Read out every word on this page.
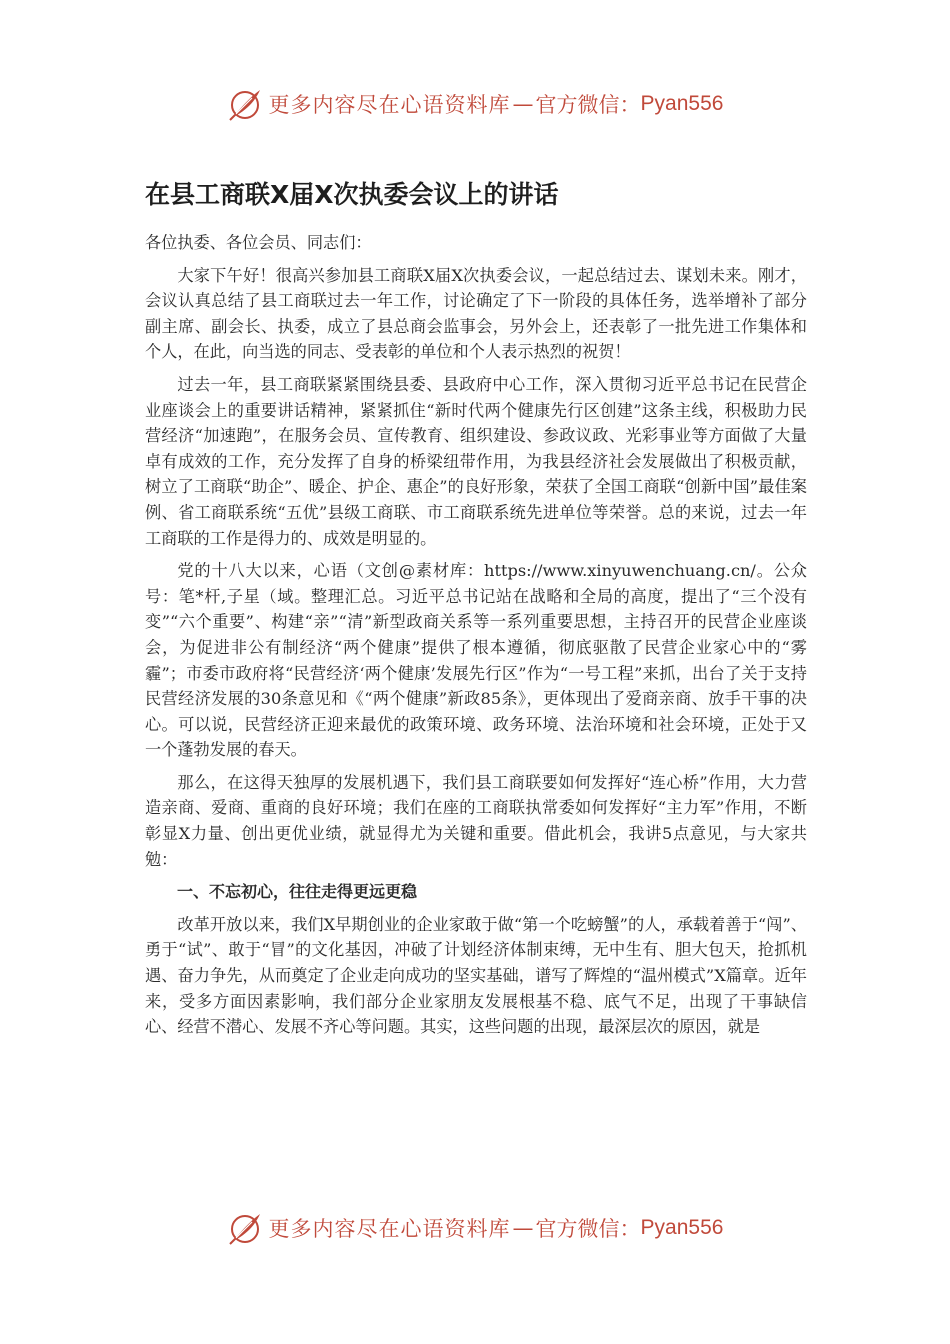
更多内容尽在心语资料库 — 官方微信： Pyan556
在县工商联X届X次执委会议上的讲话

各位执委、各位会员、同志们：

大家下午好！很高兴参加县工商联X届X次执委会议，一起总结过去、谋划未来。刚才，会议认真总结了县工商联过去一年工作，讨论确定了下一阶段的具体任务，选举增补了部分副主席、副会长、执委，成立了县总商会监事会，另外会上，还表彰了一批先进工作集体和个人，在此，向当选的同志、受表彰的单位和个人表示热烈的祝贺！

过去一年，县工商联紧紧围绕县委、县政府中心工作，深入贯彻习近平总书记在民营企业座谈会上的重要讲话精神，紧紧抓住“新时代两个健康先行区创建”这条主线，积极助力民营经济“加速跑”，在服务会员、宣传教育、组织建设、参政议政、光彩事业等方面做了大量卓有成效的工作，充分发挥了自身的桥梁纽带作用，为我县经济社会发展做出了积极贡献，树立了工商联“助企”、暖企、护企、惠企”的良好形象，荣获了全国工商联“创新中国”最佳案例、省工商联系统“五优”县级工商联、市工商联系统先进单位等荣誉。总的来说，过去一年工商联的工作是得力的、成效是明显的。

党的十八大以来，心语（文创@素材库：https://www.xinyuwenchuang.cn/。公众号：笔*杆,子星（域。整理汇总。习近平总书记站在战略和全局的高度，提出了“三个没有变”“六个重要”、构建“亲”“清”新型政商关系等一系列重要思想，主持召开的民营企业座谈会，为促进非公有制经济“两个健康”提供了根本遵循，彻底驱散了民营企业家心中的“雾霾”；市委市政府将“民营经济‘两个健康’发展先行区”作为“一号工程”来抓，出台了关于支持民营经济发展的30条意见和《“两个健康”新政85条》，更体现出了爱商亲商、放手干事的决心。可以说，民营经济正迎来最优的政策环境、政务环境、法治环境和社会环境，正处于又一个蓬勃发展的春天。

那么，在这得天独厚的发展机遇下，我们县工商联要如何发挥好“连心桥”作用，大力营造亲商、爱商、重商的良好环境；我们在座的工商联执常委如何发挥好“主力军”作用，不断彰显X力量、创出更优业绩，就显得尤为关键和重要。借此机会，我讲5点意见，与大家共勉：

一、不忘初心，往往走得更远更稳

改革开放以来，我们X早期创业的企业家敢于做“第一个吃螃蟹”的人，承载着善于“闯”、勇于“试”、敢于“冒”的文化基因，冲破了计划经济体制束缚，无中生有、胆大包天，抢抓机遇、奋力争先，从而奠定了企业走向成功的坚实基础，谱写了辉煌的“温州模式”X篇章。近年来，受多方面因素影响，我们部分企业家朋友发展根基不稳、底气不足，出现了干事缺信心、经营不潜心、发展不齐心等问题。其实，这些问题的出现，最深层次的原因，就是

更多内容尽在心语资料库 — 官方微信： Pyan556
